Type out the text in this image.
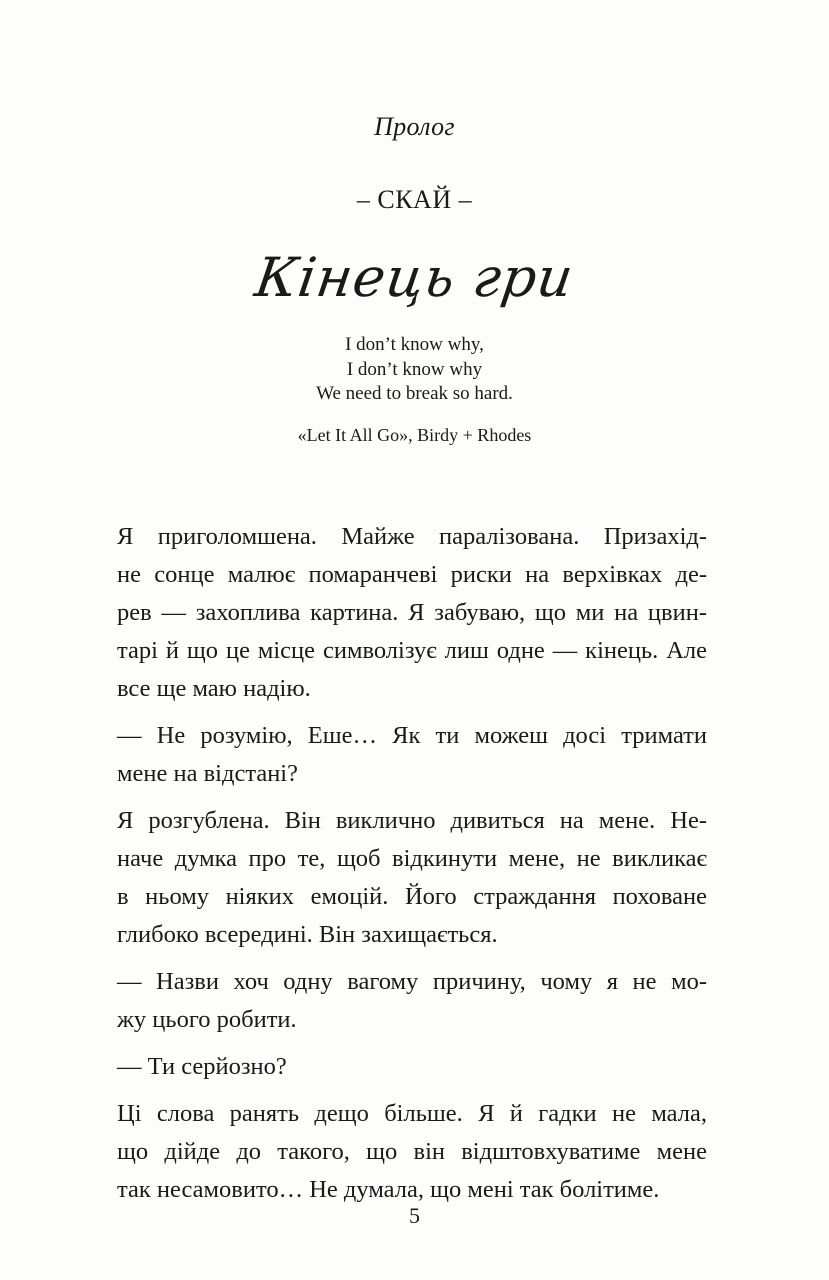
Пролог
– СКАЙ –
Кінець гри
I don’t know why,
I don’t know why
We need to break so hard.
«Let It All Go», Birdy + Rhodes
Я приголомшена. Майже паралізована. Призахід-
не сонце малює помаранчеві риски на верхівках де-
рев — захоплива картина. Я забуваю, що ми на цвин-
тарі й що це місце символізує лиш одне — кінець. Але
все ще маю надію.
— Не розумію, Еше… Як ти можеш досі тримати
мене на відстані?
Я розгублена. Він виклично дивиться на мене. Не-
наче думка про те, щоб відкинути мене, не викликає
в ньому ніяких емоцій. Його страждання поховане
глибоко всередині. Він захищається.
— Назви хоч одну вагому причину, чому я не мо-
жу цього робити.
— Ти серйозно?
Ці слова ранять дещо більше. Я й гадки не мала,
що дійде до такого, що він відштовхуватиме мене
так несамовито… Не думала, що мені так болітиме.
5
